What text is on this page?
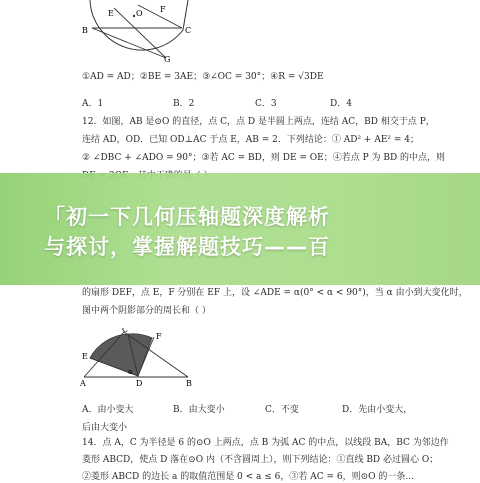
E	O
B	C
F
G
①AD = AD；②BE = 3AE；③∠OC = 30°；④R = √3DE
A．1	B．2	C．3	D．4
12．如图，AB 是⊙O 的直径，点 C，点 D 是半圆上两点，连结 AC，BD 相交于点 P，
连结 AD，OD．已知 OD⊥AC 于点 E，AB = 2．下列结论：① AD² + AE² = 4；
② ∠DBC + ∠ADO = 90°；③若 AC = BD，则 DE = OE；④若点 P 为 BD 的中点，则
「初一下几何压轴题深度解析
与探讨，掌握解题技巧——百
的扇形 DEF，点 E，F 分别在 EF 上，设 ∠ADE = α(0° < α < 90°)，当 α 由小到大变化时，
图中两个阴影部分的周长和（ ）
C
F
E
D
α
A	B
A．由小变大	B．由大变小	C．不变	D．先由小变大，
后由大变小
14．点 A，C 为半径是 6 的⊙O 上两点，点 B 为弧 AC 的中点，以线段 BA，BC 为邻边作
菱形 ABCD，使点 D 落在⊙O 内（不含圆周上），则下列结论：①直线 BD 必过圆心 O；
②菱形 ABCD 的边长 a 的取值范围是 0 < a ≤ 6，③若 AC = 6，则⊙O 的一条...
